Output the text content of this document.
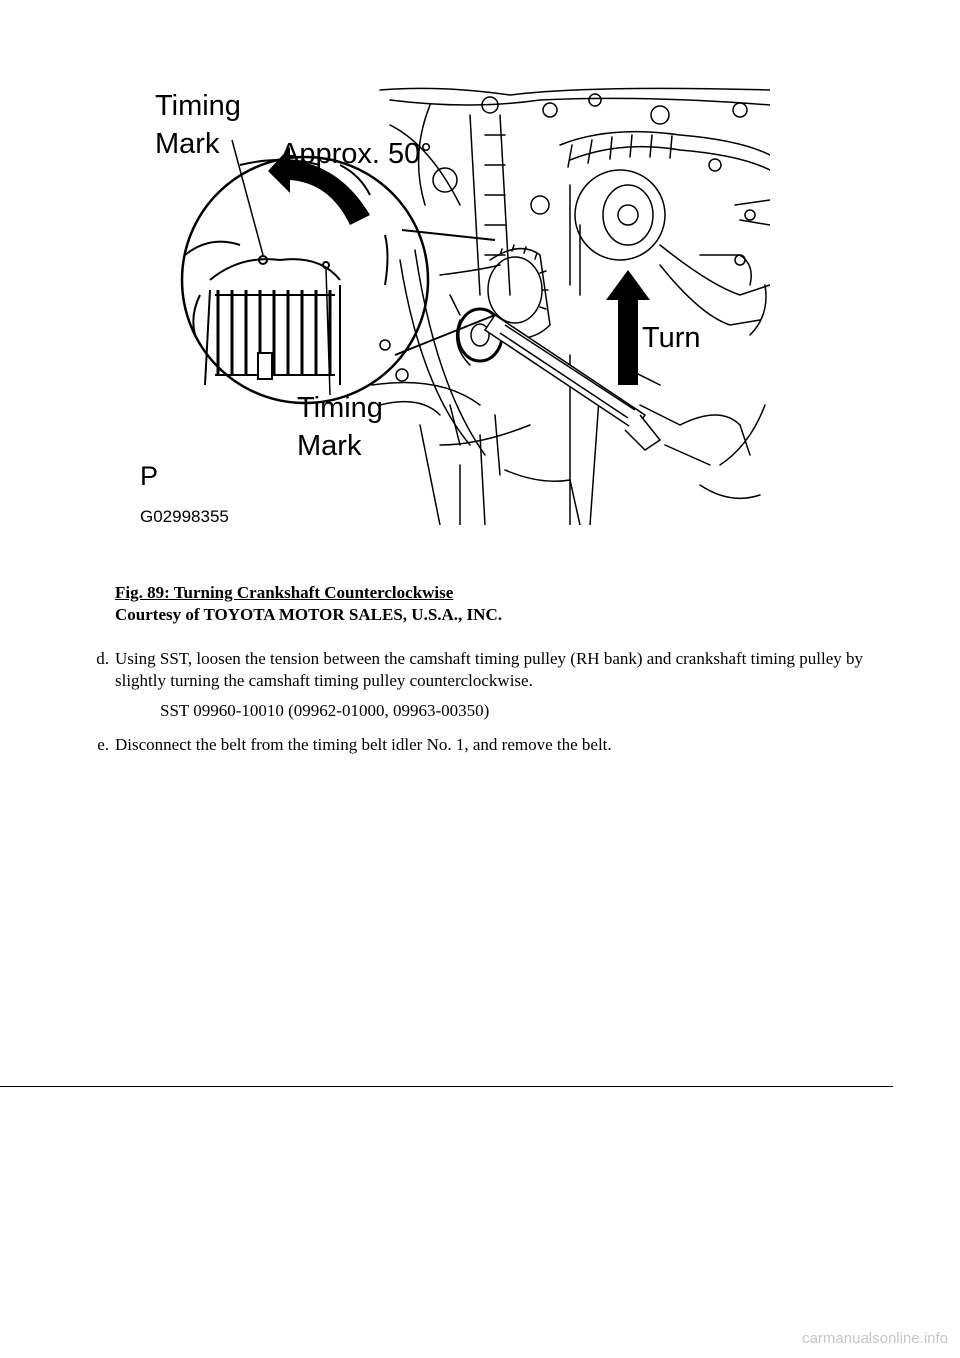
Timing
Mark Approx. 50°
Turn
Timing
Mark
P
G02998355
Fig. 89: Turning Crankshaft Counterclockwise
Courtesy of TOYOTA MOTOR SALES, U.S.A., INC.
d. Using SST, loosen the tension between the camshaft timing pulley (RH bank) and crankshaft timing pulley by slightly turning the camshaft timing pulley counterclockwise.
SST 09960-10010 (09962-01000, 09963-00350)
e. Disconnect the belt from the timing belt idler No. 1, and remove the belt.
carmanualsonline.info
